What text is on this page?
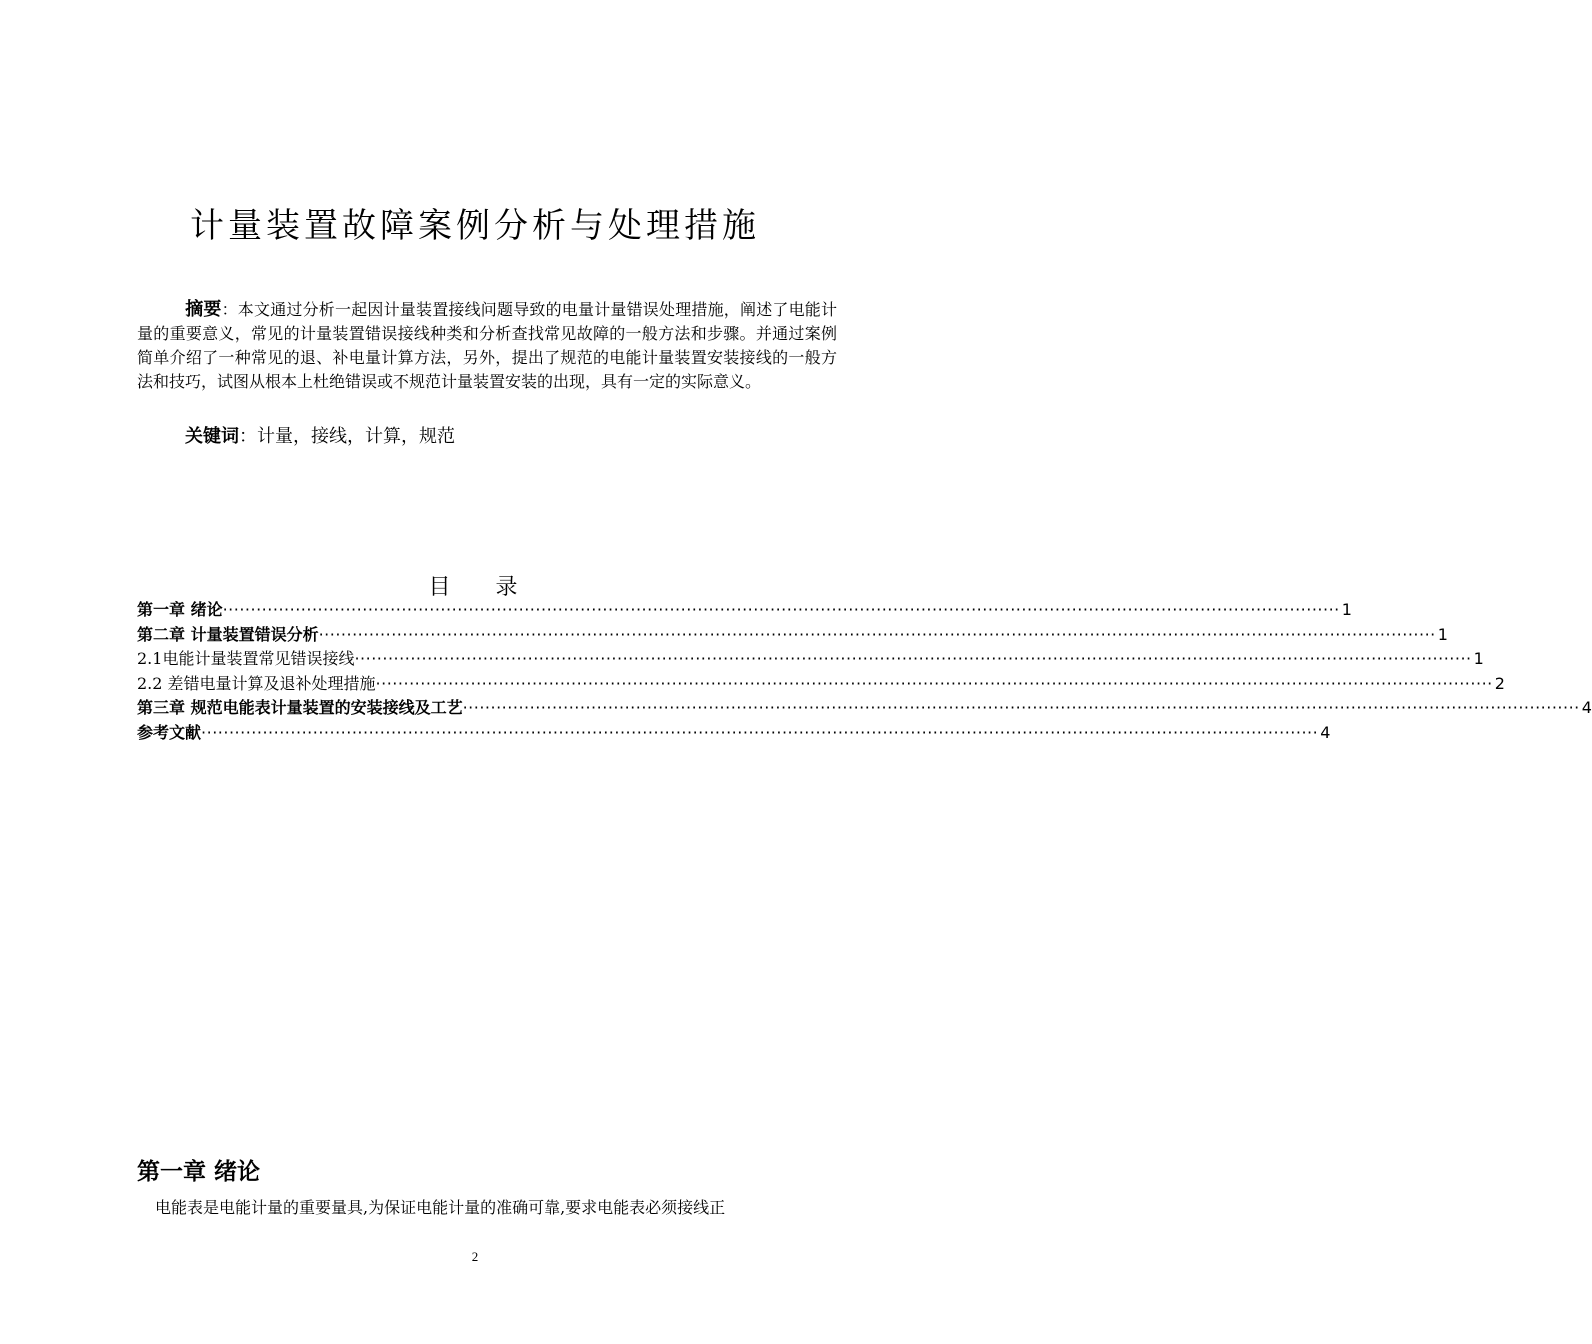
计量装置故障案例分析与处理措施
摘要：本文通过分析一起因计量装置接线问题导致的电量计量错误处理措施，阐述了电能计量的重要意义，常见的计量装置错误接线种类和分析查找常见故障的一般方法和步骤。并通过案例简单介绍了一种常见的退、补电量计算方法，另外，提出了规范的电能计量装置安装接线的一般方法和技巧，试图从根本上杜绝错误或不规范计量装置安装的出现，具有一定的实际意义。
关键词：计量，接线，计算，规范
目 录
第一章 绪论 ········································································································································································································ 1
第二章 计量装置错误分析 ········································································································································································································ 1
2.1电能计量装置常见错误接线 ········································································································································································································ 1
2.2 差错电量计算及退补处理措施 ········································································································································································································ 2
第三章 规范电能表计量装置的安装接线及工艺 ········································································································································································································ 4
参考文献 ········································································································································································································ 4
第一章 绪论
电能表是电能计量的重要量具,为保证电能计量的准确可靠,要求电能表必须接线正
2
